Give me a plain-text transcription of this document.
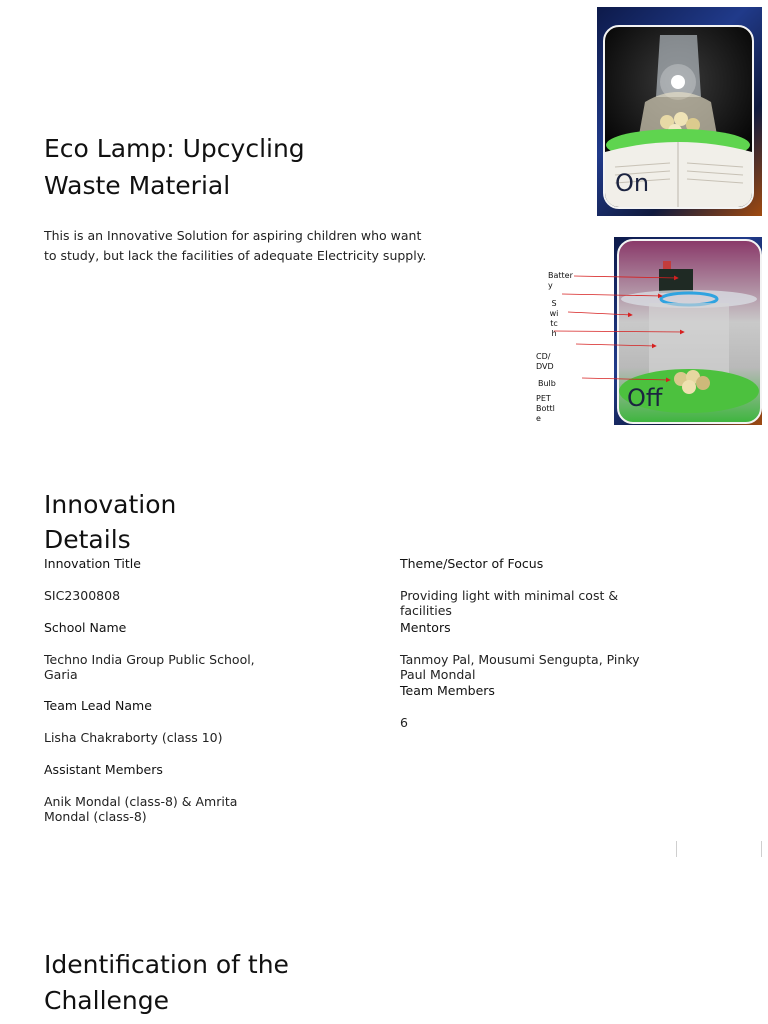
Eco Lamp: Upcycling
Waste Material
This is an Innovative Solution for aspiring children who want to study, but lack the facilities of adequate Electricity supply.
On
Off
Batter
y
S
wi
tc
h
CD/
DVD
Bulb
PET
Bottl
e
Innovation
Details
Innovation Title
SIC2300808
School Name
Techno India Group Public School, Garia
Team Lead Name
Lisha Chakraborty (class 10)
Assistant Members
Anik Mondal (class-8) & Amrita Mondal (class-8)
Theme/Sector of Focus
Providing light with minimal cost & facilities
Mentors
Tanmoy Pal, Mousumi Sengupta, Pinky Paul Mondal
Team Members
6
Identification of the
Challenge
